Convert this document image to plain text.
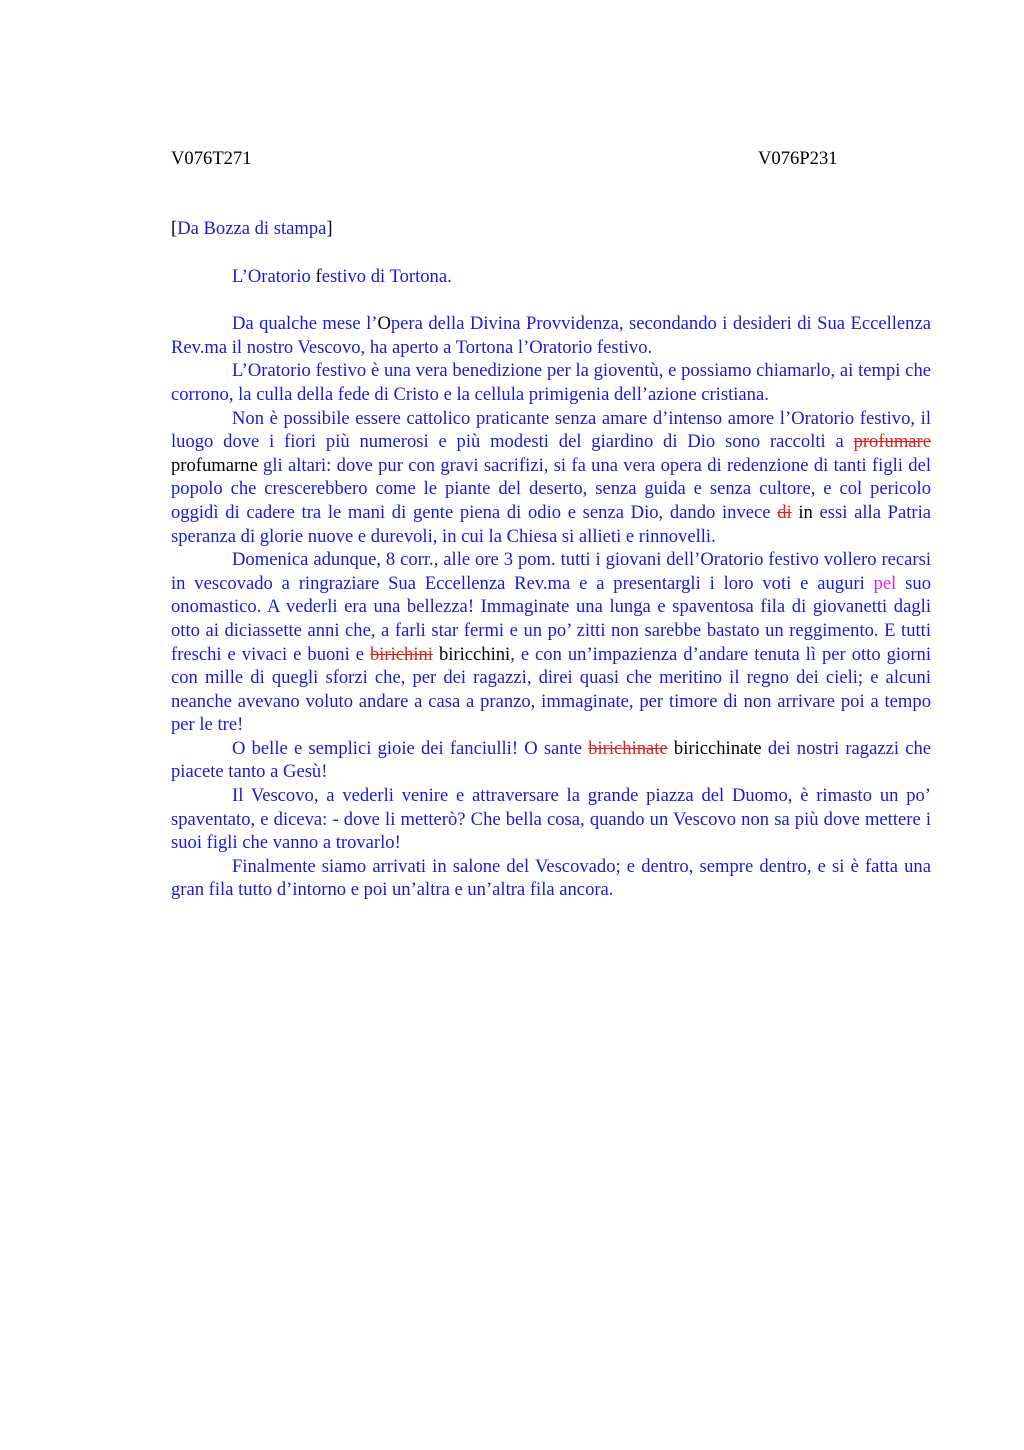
V076T271	V076P231

[Da Bozza di stampa]

L’Oratorio festivo di Tortona.

Da qualche mese l’Opera della Divina Provvidenza, secondando i desideri di Sua Eccellenza Rev.ma il nostro Vescovo, ha aperto a Tortona l’Oratorio festivo.

L’Oratorio festivo è una vera benedizione per la gioventù, e possiamo chiamarlo, ai tempi che corrono, la culla della fede di Cristo e la cellula primigenia dell’azione cristiana.

Non è possibile essere cattolico praticante senza amare d’intenso amore l’Oratorio festivo, il luogo dove i fiori più numerosi e più modesti del giardino di Dio sono raccolti a profumare profumarne gli altari: dove pur con gravi sacrifizi, si fa una vera opera di redenzione di tanti figli del popolo che crescerebbero come le piante del deserto, senza guida e senza cultore, e col pericolo oggidì di cadere tra le mani di gente piena di odio e senza Dio, dando invece di in essi alla Patria speranza di glorie nuove e durevoli, in cui la Chiesa si allieti e rinnovelli.

Domenica adunque, 8 corr., alle ore 3 pom. tutti i giovani dell’Oratorio festivo vollero recarsi in vescovado a ringraziare Sua Eccellenza Rev.ma e a presentargli i loro voti e auguri pel suo onomastico. A vederli era una bellezza! Immaginate una lunga e spaventosa fila di giovanetti dagli otto ai diciassette anni che, a farli star fermi e un po’ zitti non sarebbe bastato un reggimento. E tutti freschi e vivaci e buoni e birichini biricchini, e con un’impazienza d’andare tenuta lì per otto giorni con mille di quegli sforzi che, per dei ragazzi, direi quasi che meritino il regno dei cieli; e alcuni neanche avevano voluto andare a casa a pranzo, immaginate, per timore di non arrivare poi a tempo per le tre!

O belle e semplici gioie dei fanciulli! O sante birichinate biricchinate dei nostri ragazzi che piacete tanto a Gesù!

Il Vescovo, a vederli venire e attraversare la grande piazza del Duomo, è rimasto un po’ spaventato, e diceva: - dove li metterò? Che bella cosa, quando un Vescovo non sa più dove mettere i suoi figli che vanno a trovarlo!

Finalmente siamo arrivati in salone del Vescovado; e dentro, sempre dentro, e si è fatta una gran fila tutto d’intorno e poi un’altra e un’altra fila ancora.
